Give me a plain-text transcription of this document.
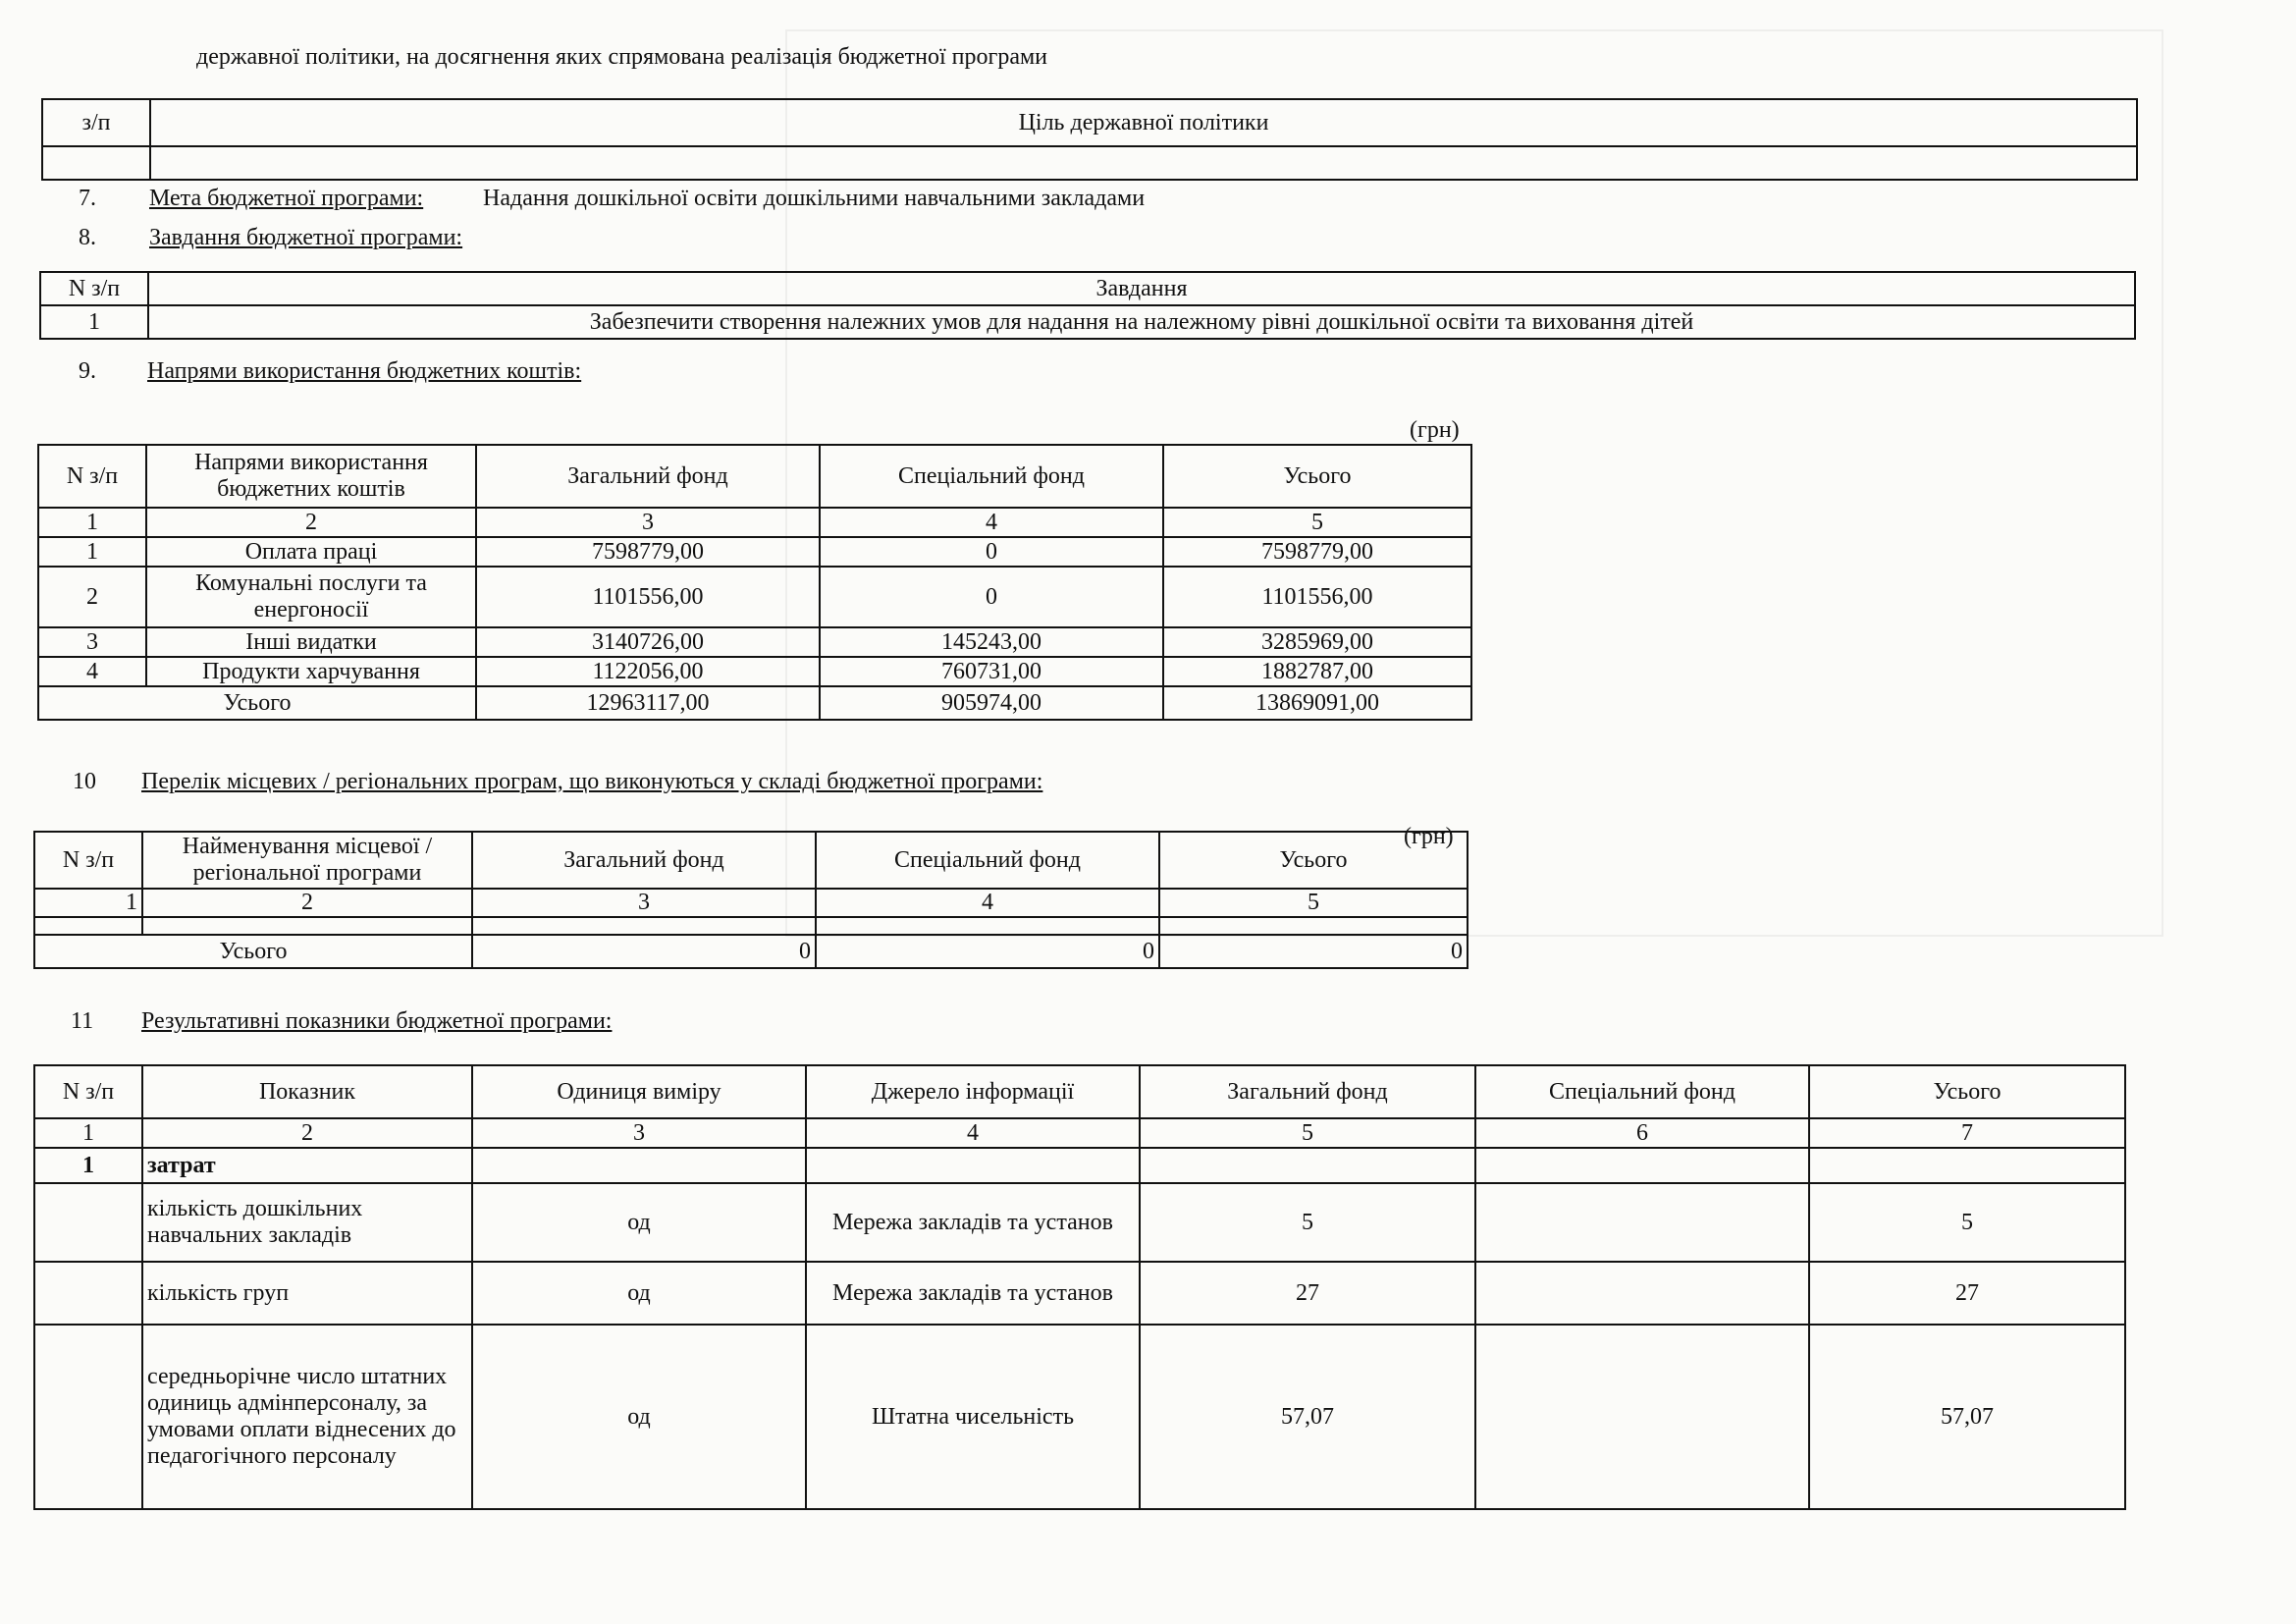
державної політики, на досягнення яких спрямована реалізація бюджетної програми
з/п	Ціль державної політики

7. Мета бюджетної програми:	Надання дошкільної освіти дошкільними навчальними закладами
8. Завдання бюджетної програми:
N з/п	Завдання
1	Забезпечити створення належних умов для надання на належному рівні дошкільної освіти та виховання дітей
9. Напрями використання бюджетних коштів:
(грн)
N з/п	Напрями використання бюджетних коштів	Загальний фонд	Спеціальний фонд	Усього
1	2	3	4	5
1	Оплата праці	7598779,00	0	7598779,00
2	Комунальні послуги та енергоносії	1101556,00	0	1101556,00
3	Інші видатки	3140726,00	145243,00	3285969,00
4	Продукти харчування	1122056,00	760731,00	1882787,00
Усього		12963117,00	905974,00	13869091,00
10 Перелік місцевих / регіональних програм, що виконуються у складі бюджетної програми:
(грн)
N з/п	Найменування місцевої / регіональної програми	Загальний фонд	Спеціальний фонд	Усього
1	2	3	4	5

Усього		0	0	0
11 Результативні показники бюджетної програми:
N з/п	Показник	Одиниця виміру	Джерело інформації	Загальний фонд	Спеціальний фонд	Усього
1	2	3	4	5	6	7
1	затрат					
	кількість дошкільних навчальних закладів	од	Мережа закладів та установ	5		5
	кількість груп	од	Мережа закладів та установ	27		27
	середньорічне число штатних одиниць адмінперсоналу, за умовами оплати віднесених до педагогічного персоналу	од	Штатна чисельність	57,07		57,07
